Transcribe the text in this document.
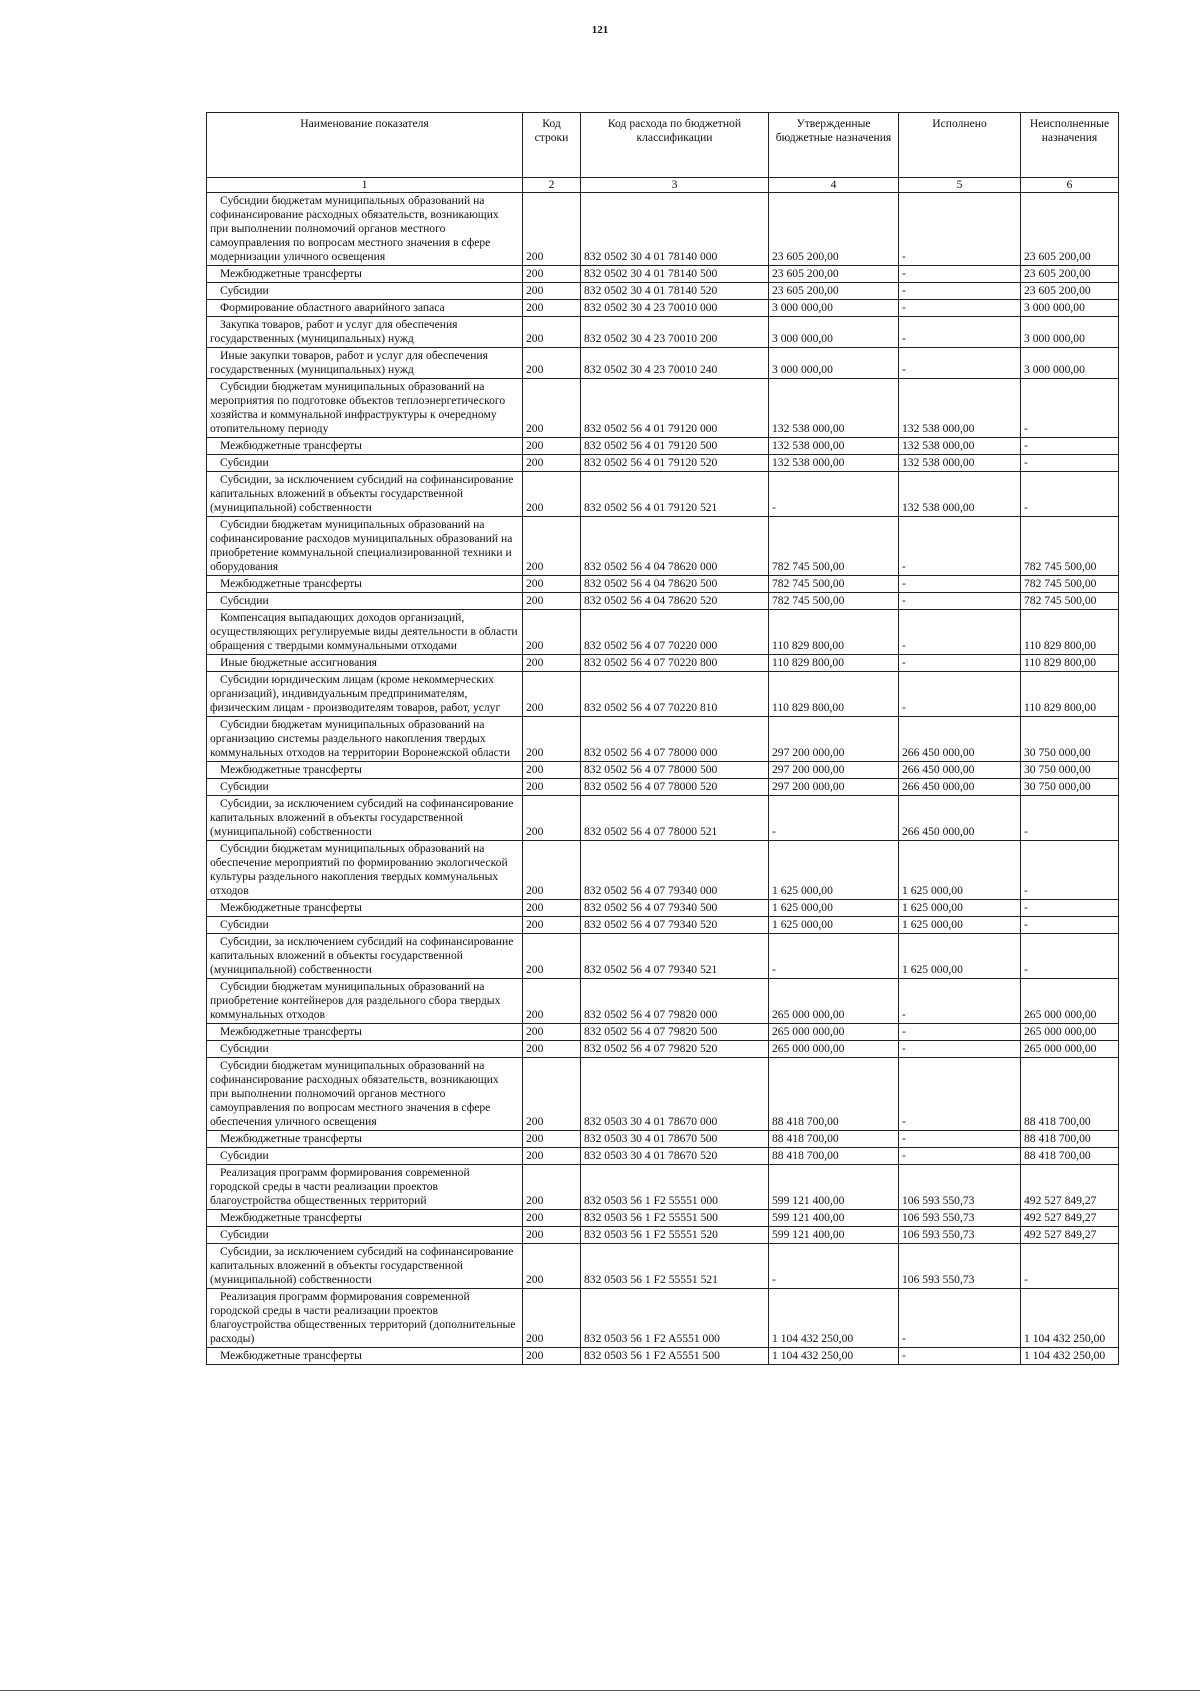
121
Наименование показателя	Код строки	Код расхода по бюджетной классификации	Утвержденные бюджетные назначения	Исполнено	Неисполненные назначения
1	2	3	4	5	6

Субсидии бюджетам муниципальных образований на софинансирование расходных обязательств, возникающих при выполнении полномочий органов местного самоуправления по вопросам местного значения в сфере модернизации уличного освещения	200	832 0502 30 4 01 78140 000	23 605 200,00	-	23 605 200,00

Межбюджетные трансферты	200	832 0502 30 4 01 78140 500	23 605 200,00	-	23 605 200,00

Субсидии	200	832 0502 30 4 01 78140 520	23 605 200,00	-	23 605 200,00

Формирование областного аварийного запаса	200	832 0502 30 4 23 70010 000	3 000 000,00	-	3 000 000,00

Закупка товаров, работ и услуг для обеспечения государственных (муниципальных) нужд	200	832 0502 30 4 23 70010 200	3 000 000,00	-	3 000 000,00

Иные закупки товаров, работ и услуг для обеспечения государственных (муниципальных) нужд	200	832 0502 30 4 23 70010 240	3 000 000,00	-	3 000 000,00

Субсидии бюджетам муниципальных образований на мероприятия по подготовке объектов теплоэнергетического хозяйства и коммунальной инфраструктуры к очередному отопительному периоду	200	832 0502 56 4 01 79120 000	132 538 000,00	132 538 000,00	-

Межбюджетные трансферты	200	832 0502 56 4 01 79120 500	132 538 000,00	132 538 000,00	-

Субсидии	200	832 0502 56 4 01 79120 520	132 538 000,00	132 538 000,00	-

Субсидии, за исключением субсидий на софинансирование капитальных вложений в объекты государственной (муниципальной) собственности	200	832 0502 56 4 01 79120 521	-	132 538 000,00	-

Субсидии бюджетам муниципальных образований на софинансирование расходов муниципальных образований на приобретение коммунальной специализированной техники и оборудования	200	832 0502 56 4 04 78620 000	782 745 500,00	-	782 745 500,00

Межбюджетные трансферты	200	832 0502 56 4 04 78620 500	782 745 500,00	-	782 745 500,00

Субсидии	200	832 0502 56 4 04 78620 520	782 745 500,00	-	782 745 500,00

Компенсация выпадающих доходов организаций, осуществляющих регулируемые виды деятельности в области обращения с твердыми коммунальными отходами	200	832 0502 56 4 07 70220 000	110 829 800,00	-	110 829 800,00

Иные бюджетные ассигнования	200	832 0502 56 4 07 70220 800	110 829 800,00	-	110 829 800,00

Субсидии юридическим лицам (кроме некоммерческих организаций), индивидуальным предпринимателям, физическим лицам - производителям товаров, работ, услуг	200	832 0502 56 4 07 70220 810	110 829 800,00	-	110 829 800,00

Субсидии бюджетам муниципальных образований на организацию системы раздельного накопления твердых коммунальных отходов на территории Воронежской области	200	832 0502 56 4 07 78000 000	297 200 000,00	266 450 000,00	30 750 000,00

Межбюджетные трансферты	200	832 0502 56 4 07 78000 500	297 200 000,00	266 450 000,00	30 750 000,00

Субсидии	200	832 0502 56 4 07 78000 520	297 200 000,00	266 450 000,00	30 750 000,00

Субсидии, за исключением субсидий на софинансирование капитальных вложений в объекты государственной (муниципальной) собственности	200	832 0502 56 4 07 78000 521	-	266 450 000,00	-

Субсидии бюджетам муниципальных образований на обеспечение мероприятий по формированию экологической культуры раздельного накопления твердых коммунальных отходов	200	832 0502 56 4 07 79340 000	1 625 000,00	1 625 000,00	-

Межбюджетные трансферты	200	832 0502 56 4 07 79340 500	1 625 000,00	1 625 000,00	-

Субсидии	200	832 0502 56 4 07 79340 520	1 625 000,00	1 625 000,00	-

Субсидии, за исключением субсидий на софинансирование капитальных вложений в объекты государственной (муниципальной) собственности	200	832 0502 56 4 07 79340 521	-	1 625 000,00	-

Субсидии бюджетам муниципальных образований на приобретение контейнеров для раздельного сбора твердых коммунальных отходов	200	832 0502 56 4 07 79820 000	265 000 000,00	-	265 000 000,00

Межбюджетные трансферты	200	832 0502 56 4 07 79820 500	265 000 000,00	-	265 000 000,00

Субсидии	200	832 0502 56 4 07 79820 520	265 000 000,00	-	265 000 000,00

Субсидии бюджетам муниципальных образований на софинансирование расходных обязательств, возникающих при выполнении полномочий органов местного самоуправления по вопросам местного значения в сфере обеспечения уличного освещения	200	832 0503 30 4 01 78670 000	88 418 700,00	-	88 418 700,00

Межбюджетные трансферты	200	832 0503 30 4 01 78670 500	88 418 700,00	-	88 418 700,00

Субсидии	200	832 0503 30 4 01 78670 520	88 418 700,00	-	88 418 700,00

Реализация программ формирования современной городской среды в части реализации проектов благоустройства общественных территорий	200	832 0503 56 1 F2 55551 000	599 121 400,00	106 593 550,73	492 527 849,27

Межбюджетные трансферты	200	832 0503 56 1 F2 55551 500	599 121 400,00	106 593 550,73	492 527 849,27

Субсидии	200	832 0503 56 1 F2 55551 520	599 121 400,00	106 593 550,73	492 527 849,27

Субсидии, за исключением субсидий на софинансирование капитальных вложений в объекты государственной (муниципальной) собственности	200	832 0503 56 1 F2 55551 521	-	106 593 550,73	-

Реализация программ формирования современной городской среды в части реализации проектов благоустройства общественных территорий (дополнительные расходы)	200	832 0503 56 1 F2 A5551 000	1 104 432 250,00	-	1 104 432 250,00

Межбюджетные трансферты	200	832 0503 56 1 F2 A5551 500	1 104 432 250,00	-	1 104 432 250,00
